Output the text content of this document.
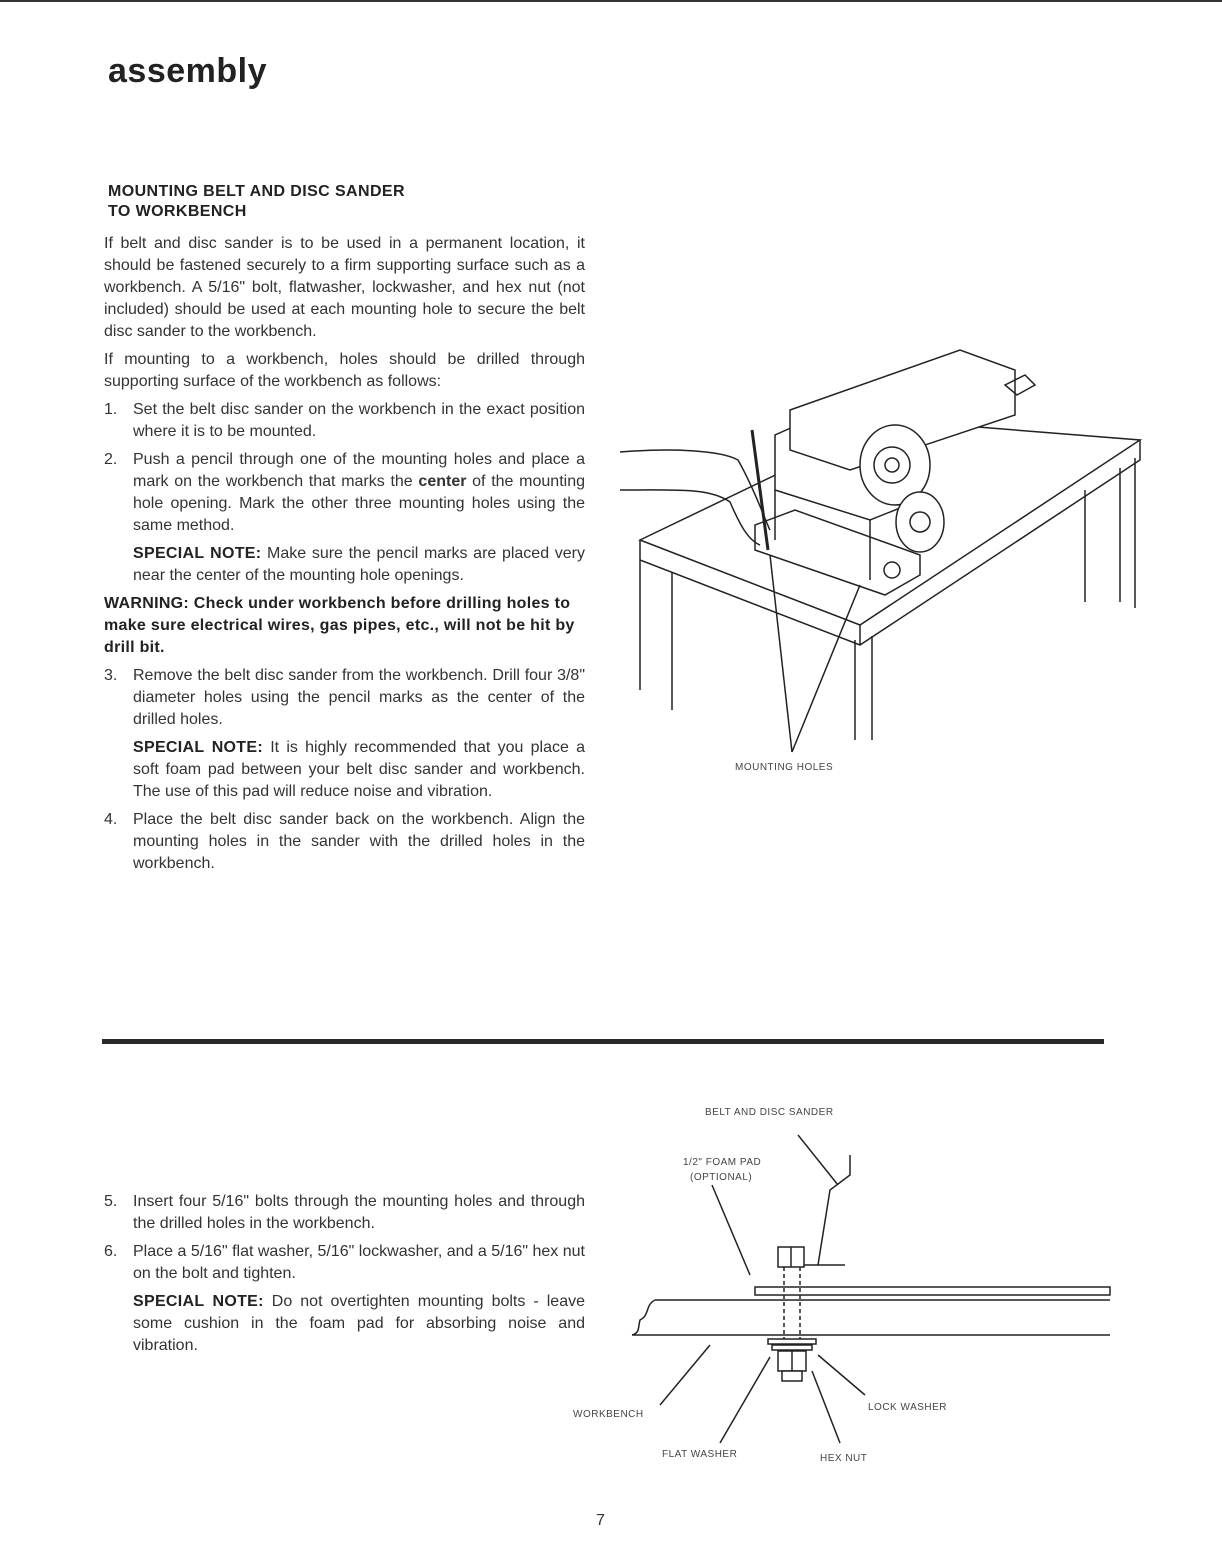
assembly
MOUNTING BELT AND DISC SANDER
TO WORKBENCH

If belt and disc sander is to be used in a permanent location, it should be fastened securely to a firm supporting surface such as a workbench. A 5/16" bolt, flatwasher, lockwasher, and hex nut (not included) should be used at each mounting hole to secure the belt disc sander to the workbench.

If mounting to a workbench, holes should be drilled through supporting surface of the workbench as follows:

1. Set the belt disc sander on the workbench in the exact position where it is to be mounted.
2. Push a pencil through one of the mounting holes and place a mark on the workbench that marks the center of the mounting hole opening. Mark the other three mounting holes using the same method.
SPECIAL NOTE: Make sure the pencil marks are placed very near the center of the mounting hole openings.
WARNING: Check under workbench before drilling holes to make sure electrical wires, gas pipes, etc., will not be hit by drill bit.
3. Remove the belt disc sander from the workbench. Drill four 3/8" diameter holes using the pencil marks as the center of the drilled holes.
SPECIAL NOTE: It is highly recommended that you place a soft foam pad between your belt disc sander and workbench. The use of this pad will reduce noise and vibration.
4. Place the belt disc sander back on the workbench. Align the mounting holes in the sander with the drilled holes in the workbench.
MOUNTING HOLES
5. Insert four 5/16" bolts through the mounting holes and through the drilled holes in the workbench.
6. Place a 5/16" flat washer, 5/16" lockwasher, and a 5/16" hex nut on the bolt and tighten.
SPECIAL NOTE: Do not overtighten mounting bolts - leave some cushion in the foam pad for absorbing noise and vibration.
BELT AND DISC SANDER
1/2" FOAM PAD
(OPTIONAL)
WORKBENCH
FLAT WASHER
LOCK WASHER
HEX NUT
7
